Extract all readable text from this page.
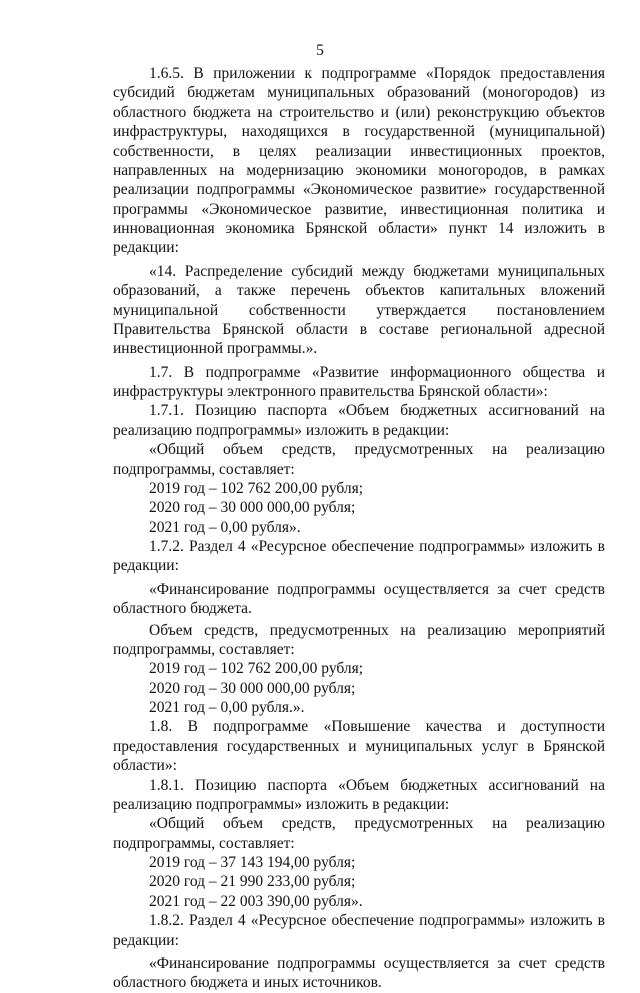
5

1.6.5. В приложении к подпрограмме «Порядок предоставления субсидий бюджетам муниципальных образований (моногородов) из областного бюджета на строительство и (или) реконструкцию объектов инфраструктуры, находящихся в государственной (муниципальной) собственности, в целях реализации инвестиционных проектов, направленных на модернизацию экономики моногородов, в рамках реализации подпрограммы «Экономическое развитие» государственной программы «Экономическое развитие, инвестиционная политика и инновационная экономика Брянской области» пункт 14 изложить в редакции:

«14. Распределение субсидий между бюджетами муниципальных образований, а также перечень объектов капитальных вложений муниципальной собственности утверждается постановлением Правительства Брянской области в составе региональной адресной инвестиционной программы.».

1.7. В подпрограмме «Развитие информационного общества и инфраструктуры электронного правительства Брянской области»:

1.7.1. Позицию паспорта «Объем бюджетных ассигнований на реализацию подпрограммы» изложить в редакции:

«Общий объем средств, предусмотренных на реализацию подпрограммы, составляет:

2019 год – 102 762 200,00 рубля;

2020 год – 30 000 000,00 рубля;

2021 год – 0,00 рубля».

1.7.2. Раздел 4 «Ресурсное обеспечение подпрограммы» изложить в редакции:

«Финансирование подпрограммы осуществляется за счет средств областного бюджета.

Объем средств, предусмотренных на реализацию мероприятий подпрограммы, составляет:

2019 год – 102 762 200,00 рубля;

2020 год – 30 000 000,00 рубля;

2021 год – 0,00 рубля.».

1.8. В подпрограмме «Повышение качества и доступности предоставления государственных и муниципальных услуг в Брянской области»:

1.8.1. Позицию паспорта «Объем бюджетных ассигнований на реализацию подпрограммы» изложить в редакции:

«Общий объем средств, предусмотренных на реализацию подпрограммы, составляет:

2019 год – 37 143 194,00 рубля;

2020 год – 21 990 233,00 рубля;

2021 год – 22 003 390,00 рубля».

1.8.2. Раздел 4 «Ресурсное обеспечение подпрограммы» изложить в редакции:

«Финансирование подпрограммы осуществляется за счет средств областного бюджета и иных источников.
